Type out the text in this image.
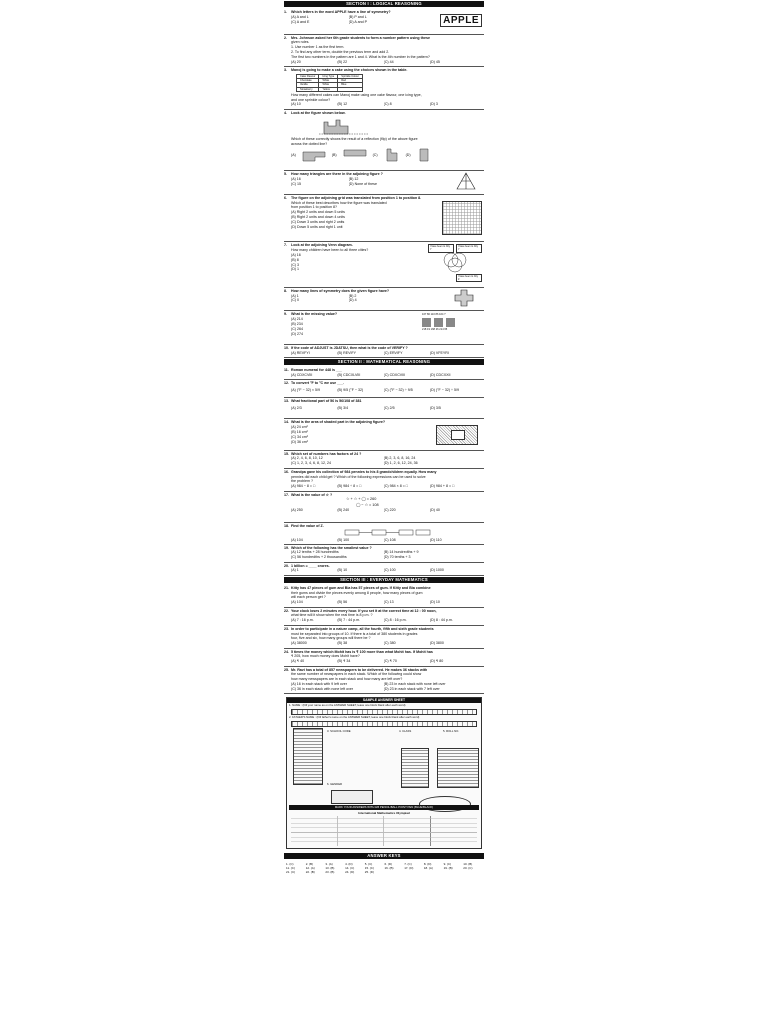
SECTION I : LOGICAL REASONING
1. Which letters in the word APPLE have a line of symmetry?
(A) A and L	(B) P and L
(C) A and E	(D) A and P	APPLE
2. Mrs. Johnson asked her 6th grade students to form a number pattern using these
given rules.
1. Use number 1 as the first term.
2. To find any other term, double the previous term and add 2.
The first two numbers in the pattern are 1 and 4. What is the 4th number in the pattern?
(A) 20	(B) 22	(C) 44	(D) 45
3. Manoj is going to make a cake using the choices shown in the table.
Cake Flavour	Icing Type	Sprinkle Colour
Chocolate	White	Red
Vanilla	White	Blue
Strawberry	Yellow	
How many different cakes can Manoj make using one cake flavour, one icing type,
and one sprinkle colour?
(A) 10	(B) 12	(C) 8	(D) 3
4. Look at the figure shown below.
Which of these correctly shows the result of a reflection (flip) of the above figure
across the dotted line?
(A)	(B)	(C)	(D)
5. How many triangles are there in the adjoining figure ?
(A) 16	(B) 12
(C) 15	(D) None of these
6. The figure on the adjoining grid was translated from position 1 to position 8.
Which of these best describes how the figure was translated
from position 1 to position 8?
(A) Right 2 units and down 5 units
(B) Right 2 units and down 4 units
(C) Down 3 units and right 2 units
(D) Down 5 units and right 1 unit
7. Look at the adjoining Venn diagram.
How many children have been to all three cities?
(A) 16
(B) 8
(C) 3
(D) 1
I have been to City Y
I have been to City Y
I have been to City Z
8. How many lines of symmetry does the given figure have?
(A) 1	(B) 2
(C) 0	(D) 4
9. What is the missing value?
(A) 214
(B) 234
(C) 264
(D) 274
167 80 110 86 164 ?
218 19 168 26 214 65
10. If the code of ADJUST is JDATSU, then what is the code of VERIFY ?
(A) REVFYI	(B) REVIFY	(C) ERVIFY	(D) VFEYRI
SECTION II : MATHEMATICAL REASONING
11. Roman numeral for 448 is ___
(A) CDXCVIII	(B) CDCXLVIII	(C) CDXCVIII	(D) CDCXXII
12. To convert °F to °C we use ___.
(A) (°F − 32) × 5/9	(B) 9/5 (°F − 32)	(C) (°F − 32) ÷ 9/5	(D) (°F − 32) ÷ 5/9
13. What fractional part of 56 is 56/108 of 381
(A) 2/3	(B) 3/4	(C) 2/5	(D) 3/5
14. What is the area of shaded part in the adjoining figure?
(A) 24 cm²
(B) 16 cm²
(C) 34 cm²
(D) 36 cm²
15. Which set of numbers has factors of 24 ?
(A) 2, 4, 6, 8, 10, 12	(B) 2, 3, 6, 8, 16, 24
(C) 1, 2, 3, 4, 6, 8, 12, 24	(D) 1, 2, 6, 12, 24, 36
16. Grandpa gave his collection of 984 pennies to his 8 grandchildren equally. How many
pennies did each child get ? Which of the following expressions can be used to solve
the problem ?
(A) 984 − 8 = □	(B) 984 ÷ 8 = □	(C) 984 × 8 = □	(D) 984 + 8 = □
17. What is the value of ☆ ?
☆ + ☆ + ◯ = 260
◯ − ☆ = 108
(A) 250	(B) 240	(C) 220	(D) 40
18. Find the value of Z.
(A) 104	(B) 100	(C) 108	(D) 110
19. Which of the following has the smallest value ?
(A) 12 tenths + 28 hundredths	(B) 14 hundredths + 9
(C) 56 hundredths + 2 thousandths	(D) 70 tenths + 3
20. 1 billion = ____ crores.
(A) 1	(B) 10	(C) 100	(D) 1000
SECTION III : EVERYDAY MATHEMATICS
21. Kitty has 47 pieces of gum and Bia has 57 pieces of gum. If Kitty and Bia combine
their gums and divide the pieces evenly among 8 people, how many pieces of gum
will each person get ?
(A) 104	(B) 56	(C) 13	(D) 10
22. Your clock loses 2 minutes every hour. If you set it at the correct time at 12 : 00 noon,
what time will it show when the real time is 8 p.m. ?
(A) 7 : 16 p.m.	(B) 7 : 44 p.m.	(C) 8 : 16 p.m.	(D) 8 : 44 p.m.
23. In order to participate in a nature camp, all the fourth, fifth and sixth grade students
must be separated into groups of 10. If there is a total of 380 students in grades
four, five and six, how many groups will there be ?
(A) 38000	(B) 38	(C) 380	(D) 3800
24. 5 times the money which Mohit has is ₹ 100 more than what Mohit has. If Mohit has
₹ 205, how much money does Mohit have?
(A) ₹ 40	(B) ₹ 34	(C) ₹ 70	(D) ₹ 80
25. Mr. Ravi has a total of 857 newspapers to be delivered. He makes 36 stacks with
the same number of newspapers in each stack. Which of the following could show
how many newspapers are in each stack and how many are left over?
(A) 16 in each stack with 9 left over	(B) 23 in each stack with none left over
(C) 36 in each stack with none left over	(D) 23 in each stack with 7 left over
SAMPLE ANSWER SHEET
1. NAME : (Fill your name as on the ANSWER SHEET, leave one block blank after each word)
2. FATHER'S NAME : (Fill father's name on the ANSWER SHEET, leave one block blank after each word)
3. SCHOOL CODE
6. GENDER
4. CLASS	5. ROLL NO.
MARK YOUR ANSWERS WITH HB PENCIL/BALL POINT PEN (BLUE/BLACK)
International Mathematics Olympiad
ANSWER KEYS
1. (C)	2. (B)	3. (A)	4. (D)	5. (C)	6. (D)	7. (C)	8. (D)	9. (C)	10. (B)
11. (C)	12. (A)	13. (B)	14. (C)	15. (C)	16. (B)	17. (D)	18. (A)	19. (B)	20. (C)
21. (C)	22. (B)	23. (B)	24. (D)	25. (D)
